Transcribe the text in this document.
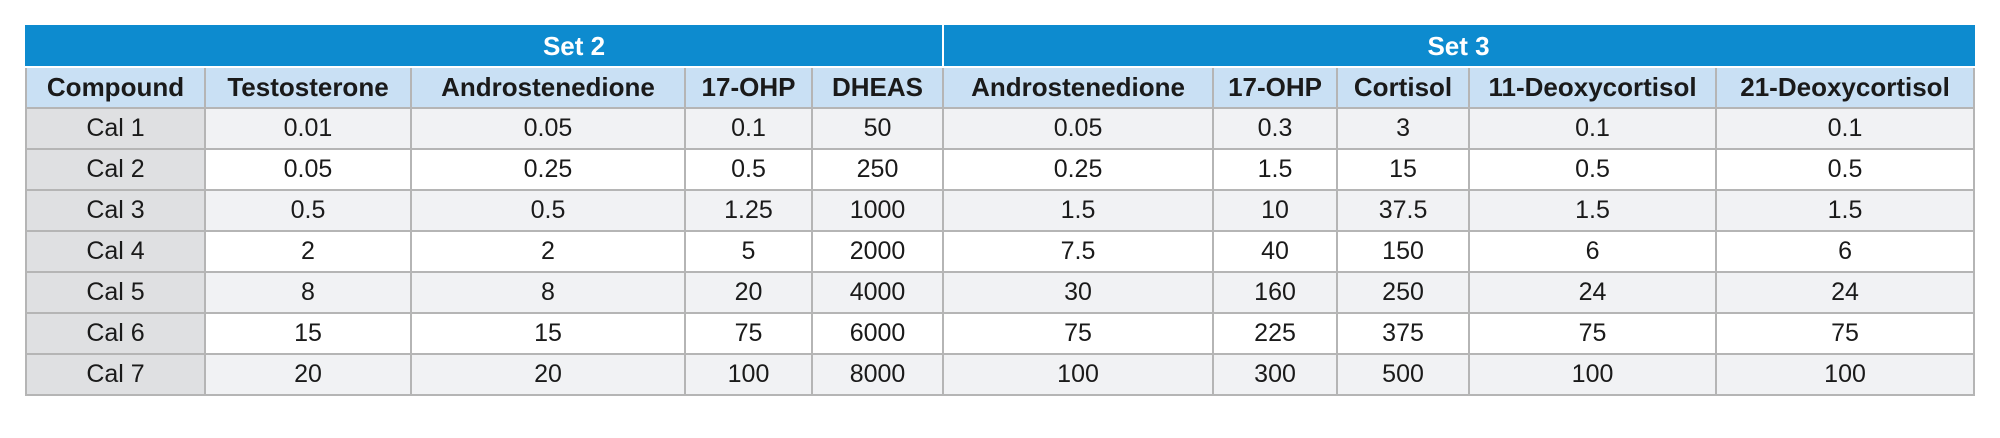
	Set 2				Set 3				
Compound	Testosterone	Androstenedione	17-OHP	DHEAS	Androstenedione	17-OHP	Cortisol	11-Deoxycortisol	21-Deoxycortisol
Cal 1	0.01	0.05	0.1	50	0.05	0.3	3	0.1	0.1
Cal 2	0.05	0.25	0.5	250	0.25	1.5	15	0.5	0.5
Cal 3	0.5	0.5	1.25	1000	1.5	10	37.5	1.5	1.5
Cal 4	2	2	5	2000	7.5	40	150	6	6
Cal 5	8	8	20	4000	30	160	250	24	24
Cal 6	15	15	75	6000	75	225	375	75	75
Cal 7	20	20	100	8000	100	300	500	100	100
